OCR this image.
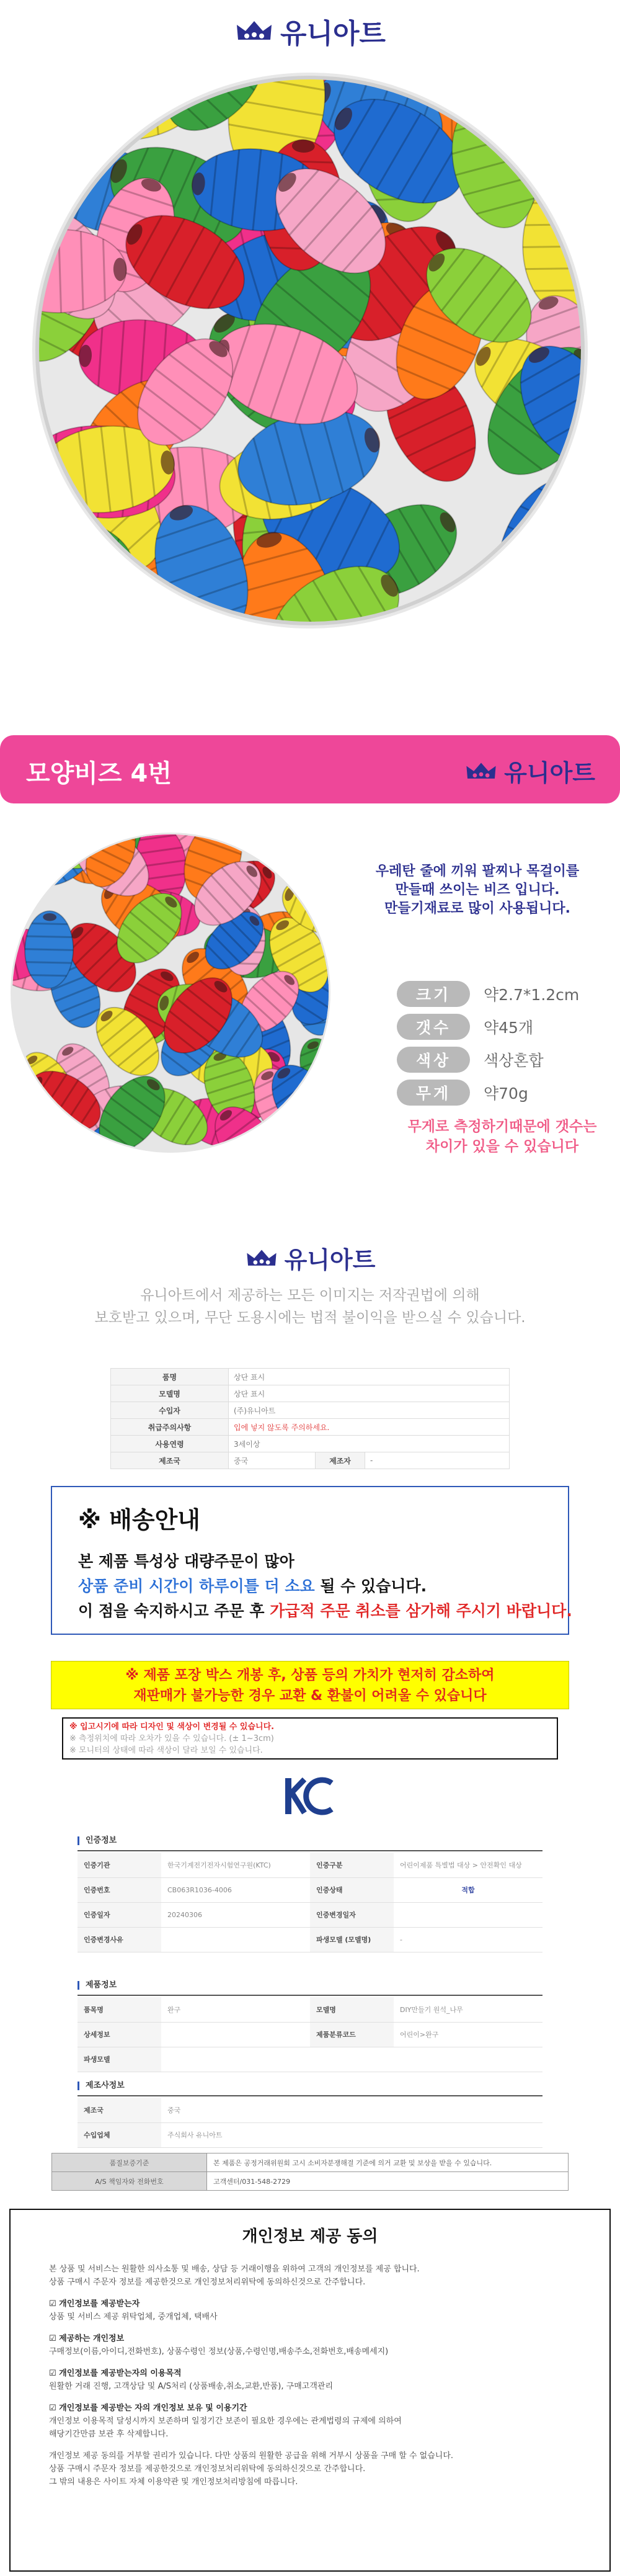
유니아트
모양비즈 4번	유니아트
우레탄 줄에 끼워 팔찌나 목걸이를
만들때 쓰이는 비즈 입니다.
만들기재료로 많이 사용됩니다.
크기	약2.7*1.2cm
갯수	약45개
색상	색상혼합
무게	약70g
무게로 측정하기때문에 갯수는
차이가 있을 수 있습니다
유니아트
유니아트에서 제공하는 모든 이미지는 저작권법에 의해
보호받고 있으며, 무단 도용시에는 법적 불이익을 받으실 수 있습니다.
품명	상단 표시		
모델명	상단 표시		
수입자	(주)유니아트		
취급주의사항	입에 넣지 않도록 주의하세요.		
사용연령	3세이상		
제조국	중국	제조자	-
※ 배송안내
본 제품 특성상 대량주문이 많아
상품 준비 시간이 하루이틀 더 소요 될 수 있습니다.
이 점을 숙지하시고 주문 후 가급적 주문 취소를 삼가해 주시기 바랍니다.
※ 제품 포장 박스 개봉 후, 상품 등의 가치가 현저히 감소하여
재판매가 불가능한 경우 교환 & 환불이 어려울 수 있습니다

※ 입고시기에 따라 디자인 및 색상이 변경될 수 있습니다.

※ 측정위치에 따라 오차가 있을 수 있습니다. (± 1~3cm)

※ 모니터의 상태에 따라 색상이 달라 보일 수 있습니다.

인증정보
인증기관	한국기계전기전자시험연구원(KTC)	인증구분	어린이제품 특별법 대상 > 안전확인 대상
인증번호	CB063R1036-4006	인증상태	적합
인증일자	20240306	인증변경일자	
인증변경사유		파생모델 (모델명)	-
제품정보
품목명	완구	모델명	DIY만들기 원석_나무
상세정보		제품분류코드	어린이>완구
파생모델			
제조사정보
제조국	중국
수입업체	주식회사 유니아트
품질보증기준	본 제품은 공정거래위원회 고시 소비자분쟁해결 기준에 의거 교환 및 보상을 받을 수 있습니다.
A/S 책임자와 전화번호	고객센터/031-548-2729
개인정보 제공 동의

본 상품 및 서비스는 원활한 의사소통 및 배송, 상담 등 거래이행을 위하여 고객의 개인정보를 제공 합니다.

상품 구매시 주문자 정보를 제공한것으로 개인정보처리위탁에 동의하신것으로 간주합니다.

☑ 개인정보를 제공받는자

상품 및 서비스 제공 위탁업체, 중개업체, 택배사

☑ 제공하는 개인정보

구매정보(이름,아이디,전화번호), 상품수령인 정보(상품,수령인명,배송주소,전화번호,배송메세지)

☑ 개인정보를 제공받는자의 이용목적

원활한 거래 진행, 고객상담 및 A/S처리 (상품배송,취소,교환,반품), 구매고객관리

☑ 개인정보를 제공받는 자의 개인정보 보유 및 이용기간

개인정보 이용목적 달성시까지 보존하며 일정기간 보존이 필요한 경우에는 관계법령의 규제에 의하여

해당기간만큼 보관 후 삭제합니다.

개인정보 제공 동의를 거부할 권리가 있습니다. 다만 상품의 원활한 공급을 위해 거부시 상품을 구매 할 수 없습니다.

상품 구매시 주문자 정보를 제공한것으로 개인정보처리위탁에 동의하신것으로 간주합니다.

그 밖의 내용은 사이트 자체 이용약관 및 개인정보처리방침에 따릅니다.
